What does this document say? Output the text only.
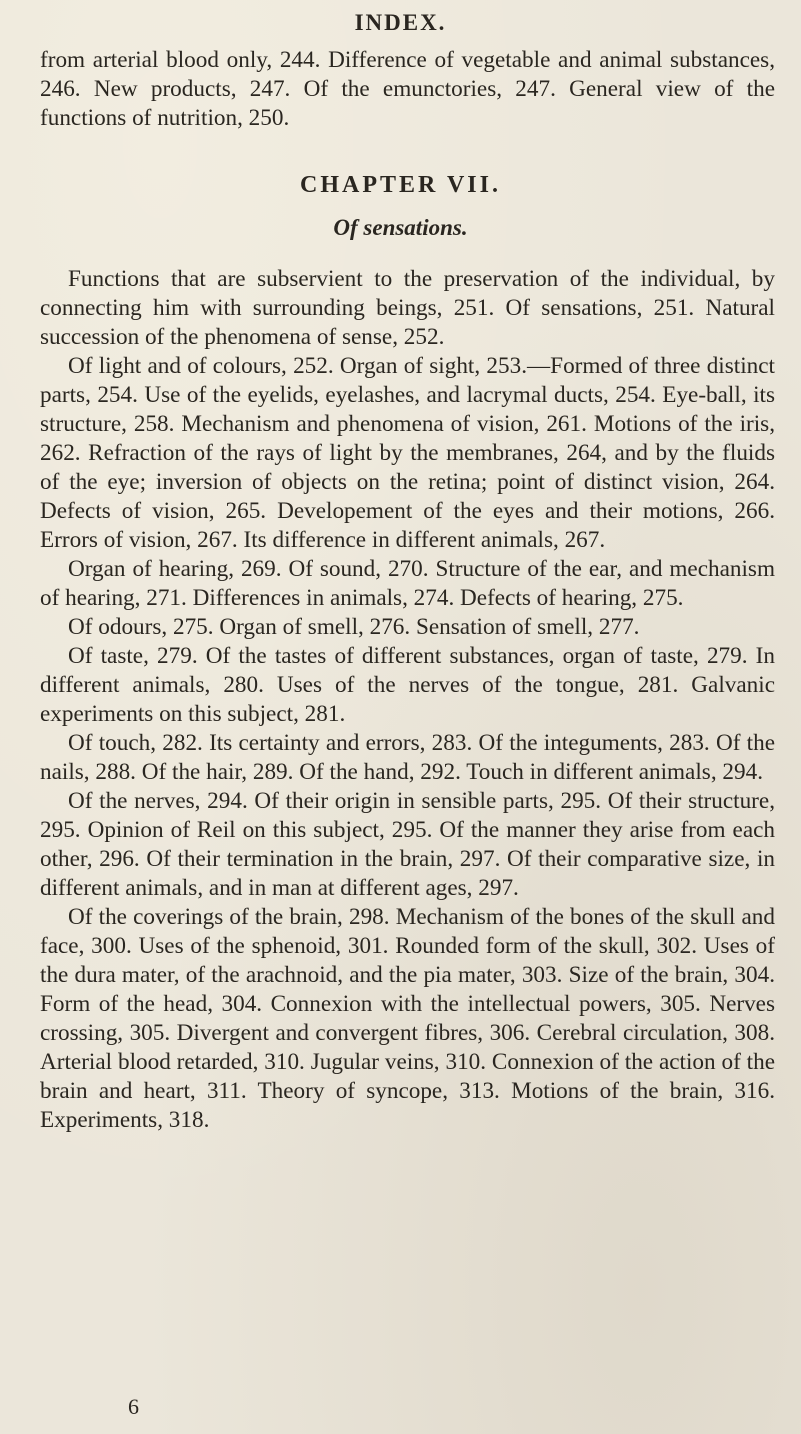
INDEX.

from arterial blood only, 244. Difference of vegetable and animal substances, 246. New products, 247. Of the emunctories, 247. General view of the functions of nutrition, 250.

CHAPTER VII.
Of sensations.

Functions that are subservient to the preservation of the individual, by connecting him with surrounding beings, 251. Of sensations, 251. Natural succession of the phenomena of sense, 252.

Of light and of colours, 252. Organ of sight, 253.—Formed of three distinct parts, 254. Use of the eyelids, eyelashes, and lacrymal ducts, 254. Eye-ball, its structure, 258. Mechanism and phenomena of vision, 261. Motions of the iris, 262. Refraction of the rays of light by the membranes, 264, and by the fluids of the eye; inversion of objects on the retina; point of distinct vision, 264. Defects of vision, 265. Developement of the eyes and their motions, 266. Errors of vision, 267. Its difference in different animals, 267.

Organ of hearing, 269. Of sound, 270. Structure of the ear, and mechanism of hearing, 271. Differences in animals, 274. Defects of hearing, 275.

Of odours, 275. Organ of smell, 276. Sensation of smell, 277.

Of taste, 279. Of the tastes of different substances, organ of taste, 279. In different animals, 280. Uses of the nerves of the tongue, 281. Galvanic experiments on this subject, 281.

Of touch, 282. Its certainty and errors, 283. Of the integuments, 283. Of the nails, 288. Of the hair, 289. Of the hand, 292. Touch in different animals, 294.

Of the nerves, 294. Of their origin in sensible parts, 295. Of their structure, 295. Opinion of Reil on this subject, 295. Of the manner they arise from each other, 296. Of their termination in the brain, 297. Of their comparative size, in different animals, and in man at different ages, 297.

Of the coverings of the brain, 298. Mechanism of the bones of the skull and face, 300. Uses of the sphenoid, 301. Rounded form of the skull, 302. Uses of the dura mater, of the arachnoid, and the pia mater, 303. Size of the brain, 304. Form of the head, 304. Connexion with the intellectual powers, 305. Nerves crossing, 305. Divergent and convergent fibres, 306. Cerebral circulation, 308. Arterial blood retarded, 310. Jugular veins, 310. Connexion of the action of the brain and heart, 311. Theory of syncope, 313. Motions of the brain, 316. Experiments, 318.

6
